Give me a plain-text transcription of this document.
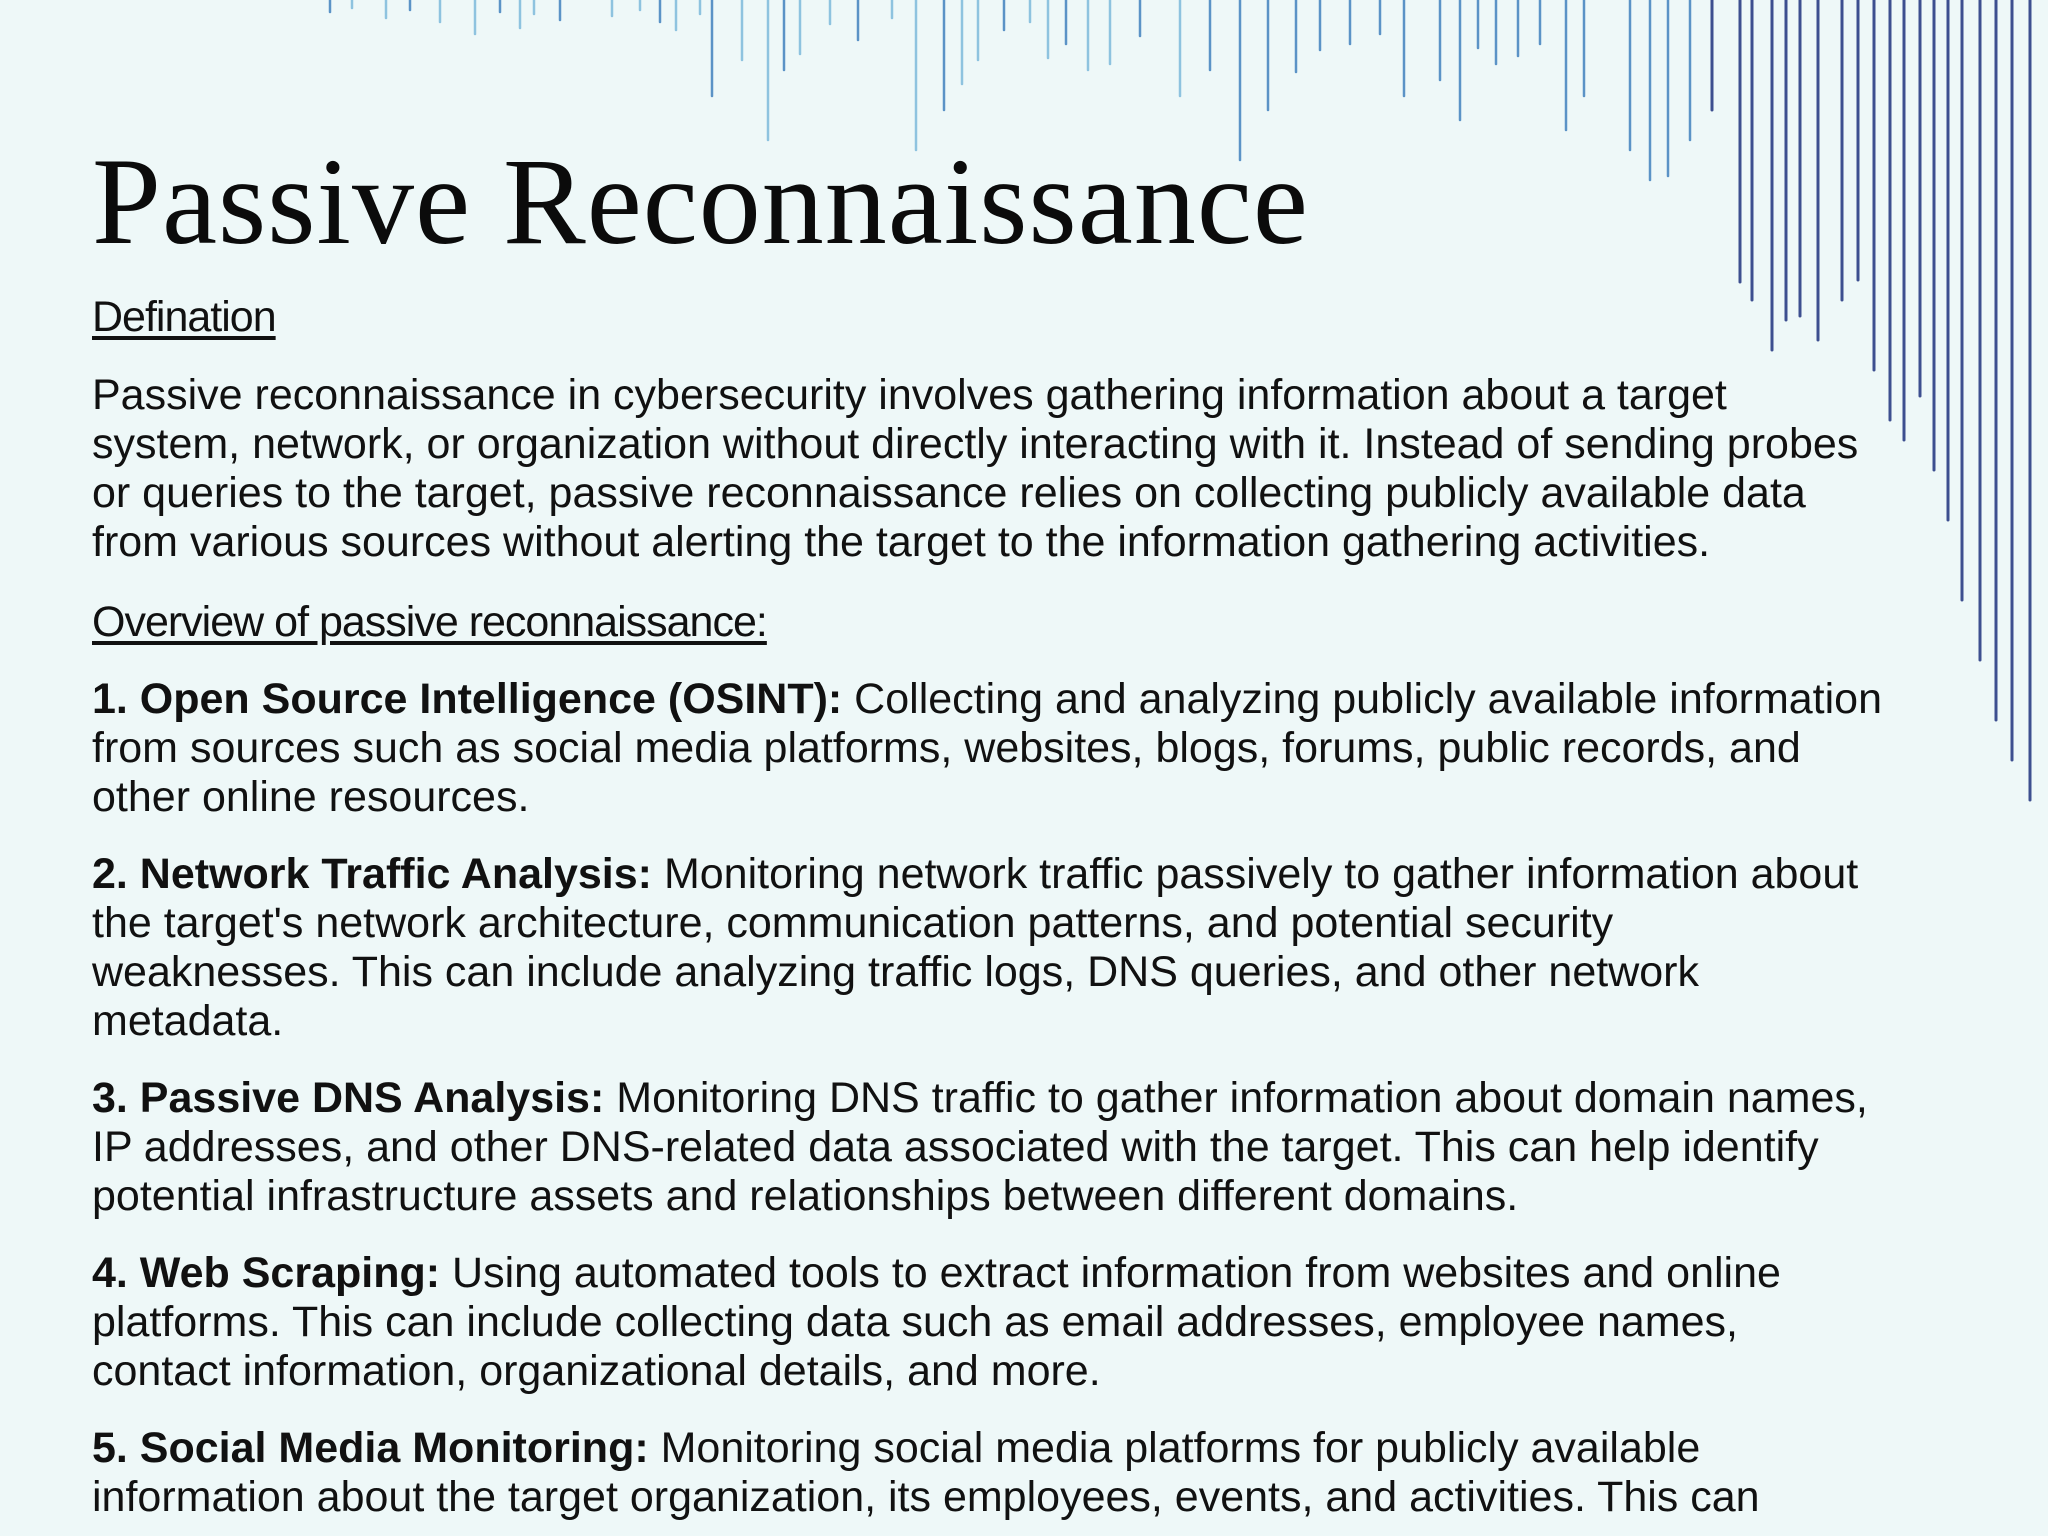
Passive Reconnaissance
Defination

Passive reconnaissance in cybersecurity involves gathering information about a target
system, network, or organization without directly interacting with it. Instead of sending probes
or queries to the target, passive reconnaissance relies on collecting publicly available data
from various sources without alerting the target to the information gathering activities.

Overview of passive reconnaissance:

1. Open Source Intelligence (OSINT): Collecting and analyzing publicly available information
from sources such as social media platforms, websites, blogs, forums, public records, and
other online resources.

2. Network Traffic Analysis: Monitoring network traffic passively to gather information about
the target's network architecture, communication patterns, and potential security
weaknesses. This can include analyzing traffic logs, DNS queries, and other network
metadata.

3. Passive DNS Analysis: Monitoring DNS traffic to gather information about domain names,
IP addresses, and other DNS-related data associated with the target. This can help identify
potential infrastructure assets and relationships between different domains.

4. Web Scraping: Using automated tools to extract information from websites and online
platforms. This can include collecting data such as email addresses, employee names,
contact information, organizational details, and more.

5. Social Media Monitoring: Monitoring social media platforms for publicly available
information about the target organization, its employees, events, and activities. This can
